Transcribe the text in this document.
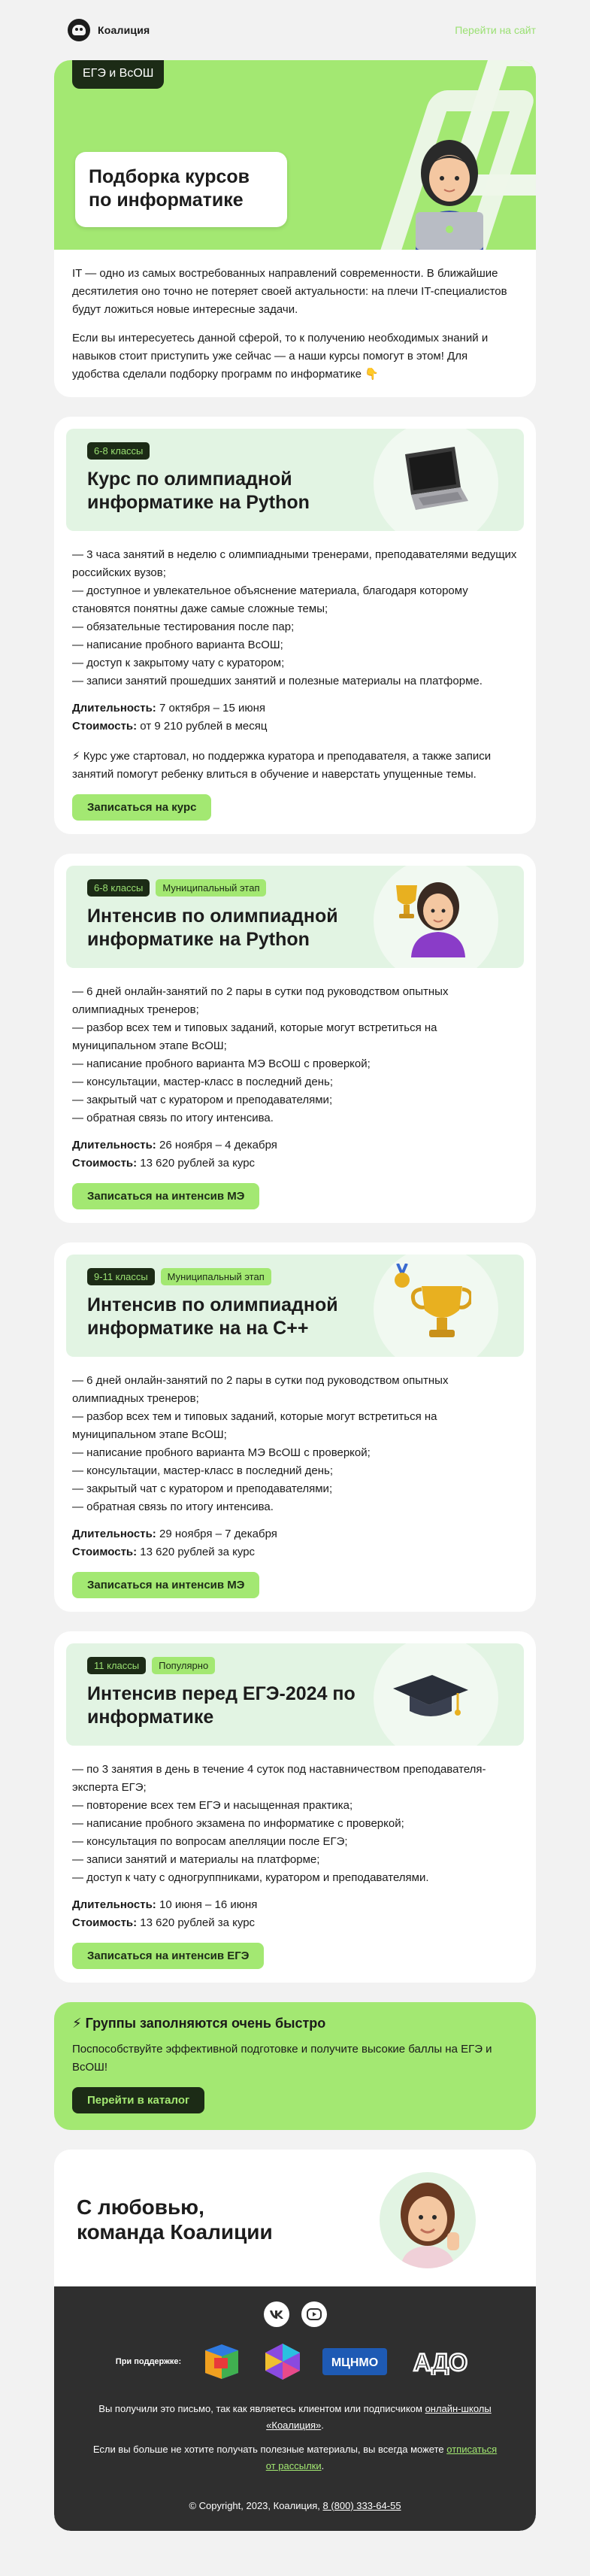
Коалиция	Перейти на сайт
ЕГЭ и ВсОШ
Подборка курсов по информатике

IT — одно из самых востребованных направлений современности. В ближайшие десятилетия оно точно не потеряет своей актуальности: на плечи IT-специалистов будут ложиться новые интересные задачи.

Если вы интересуетесь данной сферой, то к получению необходимых знаний и навыков стоит приступить уже сейчас — а наши курсы помогут в этом! Для удобства сделали подборку программ по информатике 👇

6-8 классы
Курс по олимпиадной информатике на Python
— 3 часа занятий в неделю с олимпиадными тренерами, преподавателями ведущих российских вузов;
— доступное и увлекательное объяснение материала, благодаря которому становятся понятны даже самые сложные темы;
— обязательные тестирования после пар;
— написание пробного варианта ВсОШ;
— доступ к закрытому чату с куратором;
— записи занятий прошедших занятий и полезные материалы на платформе.
Длительность: 7 октября – 15 июня
Стоимость: от 9 210 рублей в месяц
⚡ Курс уже стартовал, но поддержка куратора и преподавателя, а также записи занятий помогут ребенку влиться в обучение и наверстать упущенные темы.
Записаться на курс
6-8 классы	Муниципальный этап
Интенсив по олимпиадной информатике на Python
— 6 дней онлайн-занятий по 2 пары в сутки под руководством опытных олимпиадных тренеров;
— разбор всех тем и типовых заданий, которые могут встретиться на муниципальном этапе ВсОШ;
— написание пробного варианта МЭ ВсОШ с проверкой;
— консультации, мастер-класс в последний день;
— закрытый чат с куратором и преподавателями;
— обратная связь по итогу интенсива.
Длительность: 26 ноября – 4 декабря
Стоимость: 13 620 рублей за курс
Записаться на интенсив МЭ
9-11 классы	Муниципальный этап
Интенсив по олимпиадной информатике на на C++
— 6 дней онлайн-занятий по 2 пары в сутки под руководством опытных олимпиадных тренеров;
— разбор всех тем и типовых заданий, которые могут встретиться на муниципальном этапе ВсОШ;
— написание пробного варианта МЭ ВсОШ с проверкой;
— консультации, мастер-класс в последний день;
— закрытый чат с куратором и преподавателями;
— обратная связь по итогу интенсива.
Длительность: 29 ноября – 7 декабря
Стоимость: 13 620 рублей за курс
Записаться на интенсив МЭ
11 классы	Популярно
Интенсив перед ЕГЭ-2024 по информатике
— по 3 занятия в день в течение 4 суток под наставничеством преподавателя-эксперта ЕГЭ;
— повторение всех тем ЕГЭ и насыщенная практика;
— написание пробного экзамена по информатике с проверкой;
— консультация по вопросам апелляции после ЕГЭ;
— записи занятий и материалы на платформе;
— доступ к чату с одногруппниками, куратором и преподавателями.
Длительность: 10 июня – 16 июня
Стоимость: 13 620 рублей за курс
Записаться на интенсив ЕГЭ
⚡ Группы заполняются очень быстро
Поспособствуйте эффективной подготовке и получите высокие баллы на ЕГЭ и ВсОШ!
Перейти в каталог
С любовью,
команда Коалиции
При поддержке:	МЦНМО АДО

Вы получили это письмо, так как являетесь клиентом или подписчиком онлайн-школы «Коалиция».

Если вы больше не хотите получать полезные материалы, вы всегда можете отписаться от рассылки.

© Copyright, 2023, Коалиция, 8 (800) 333-64-55
